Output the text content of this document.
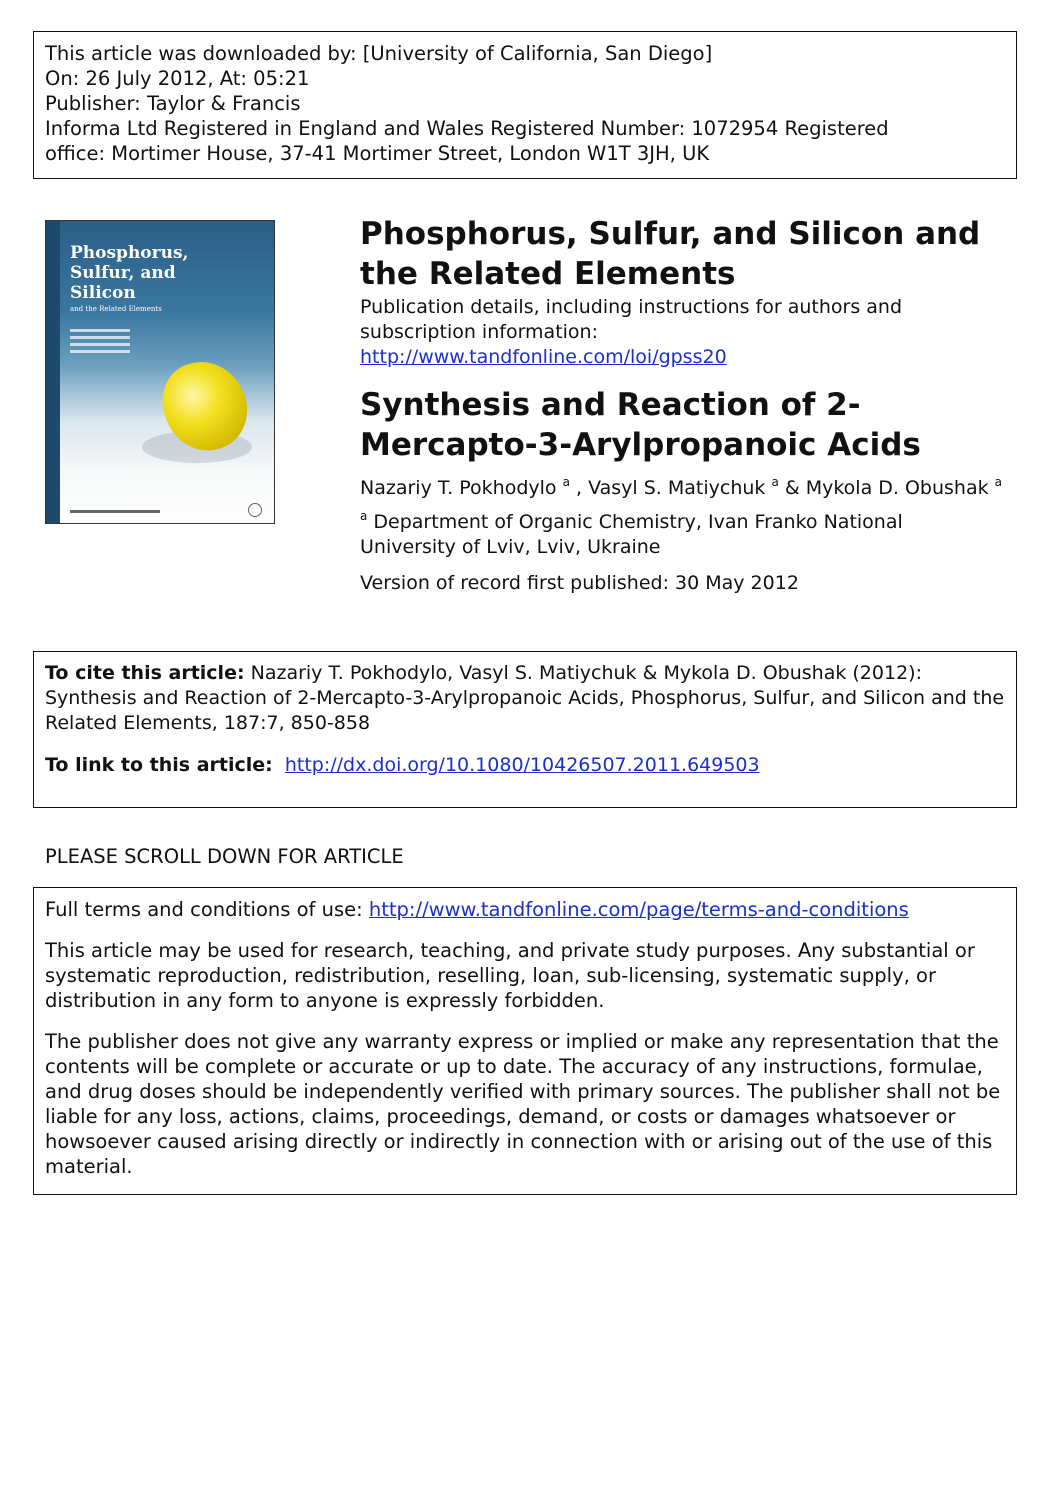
This article was downloaded by: [University of California, San Diego]
On: 26 July 2012, At: 05:21
Publisher: Taylor & Francis
Informa Ltd Registered in England and Wales Registered Number: 1072954 Registered
office: Mortimer House, 37-41 Mortimer Street, London W1T 3JH, UK
Phosphorus,
Sulfur, and
Silicon
and the Related Elements
Phosphorus, Sulfur, and Silicon and the Related Elements
Publication details, including instructions for authors and subscription information:
http://www.tandfonline.com/loi/gpss20
Synthesis and Reaction of 2-Mercapto-3-Arylpropanoic Acids
Nazariy T. Pokhodylo $^a$ , Vasyl S. Matiychuk $^a$ & Mykola D. Obushak $^a$
$^a$ Department of Organic Chemistry, Ivan Franko National University of Lviv, Lviv, Ukraine
Version of record first published: 30 May 2012
To cite this article: Nazariy T. Pokhodylo, Vasyl S. Matiychuk & Mykola D. Obushak (2012): Synthesis and Reaction of 2-Mercapto-3-Arylpropanoic Acids, Phosphorus, Sulfur, and Silicon and the Related Elements, 187:7, 850-858
To link to this article: http://dx.doi.org/10.1080/10426507.2011.649503
PLEASE SCROLL DOWN FOR ARTICLE

Full terms and conditions of use: http://www.tandfonline.com/page/terms-and-conditions

This article may be used for research, teaching, and private study purposes. Any substantial or systematic reproduction, redistribution, reselling, loan, sub-licensing, systematic supply, or distribution in any form to anyone is expressly forbidden.

The publisher does not give any warranty express or implied or make any representation that the contents will be complete or accurate or up to date. The accuracy of any instructions, formulae, and drug doses should be independently verified with primary sources. The publisher shall not be liable for any loss, actions, claims, proceedings, demand, or costs or damages whatsoever or howsoever caused arising directly or indirectly in connection with or arising out of the use of this material.
